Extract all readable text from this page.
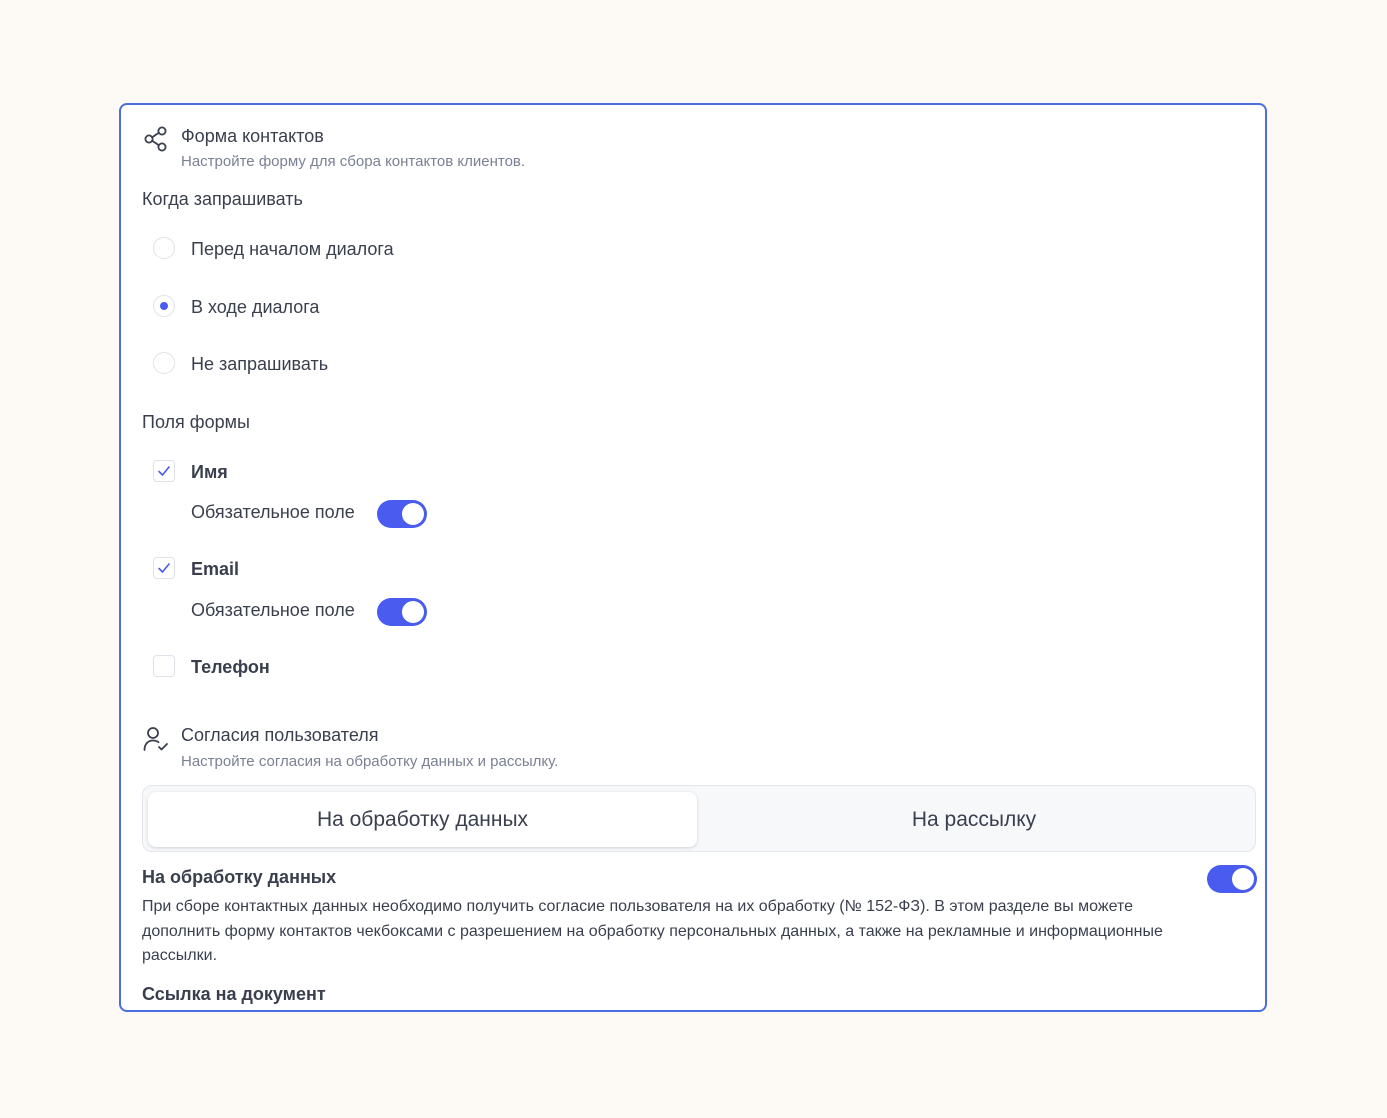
Форма контактов
Настройте форму для сбора контактов клиентов.
Когда запрашивать
Перед началом диалога
В ходе диалога
Не запрашивать
Поля формы
Имя
Обязательное поле
Email
Обязательное поле
Телефон
Согласия пользователя
Настройте согласия на обработку данных и рассылку.
На обработку данных	На рассылку
На обработку данных
При сборе контактных данных необходимо получить согласие пользователя на их обработку (№ 152-ФЗ). В этом разделе вы можете дополнить форму контактов чекбоксами с разрешением на обработку персональных данных, а также на рекламные и информационные рассылки.
Ссылка на документ
